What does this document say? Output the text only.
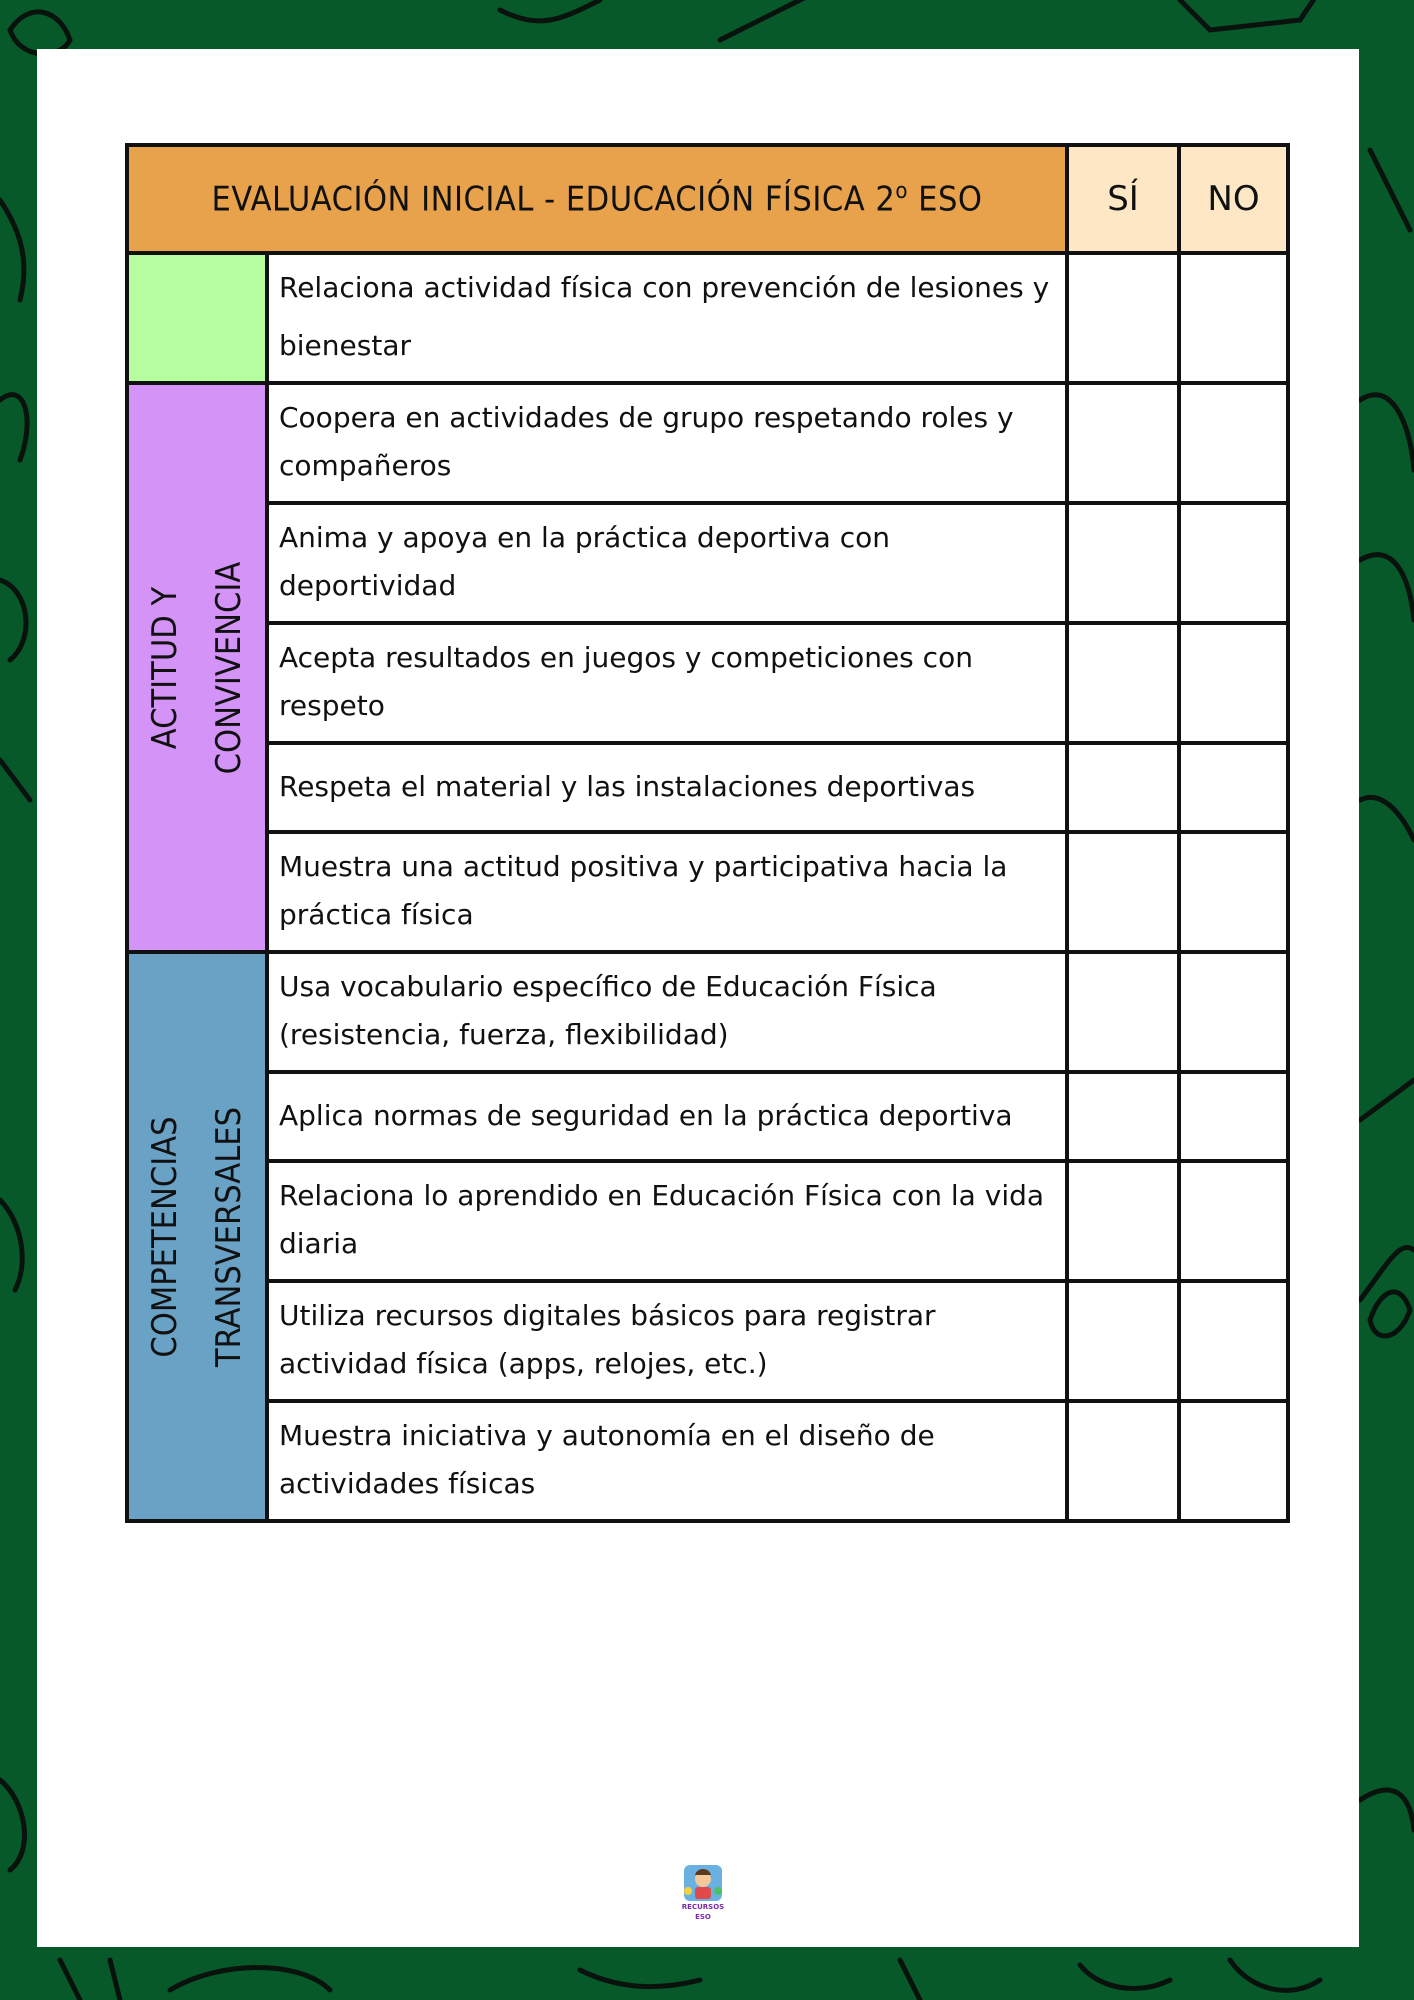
EVALUACIÓN INICIAL - EDUCACIÓN FÍSICA 2$^o$ ESO		SÍ	NO
	Relaciona actividad física con prevención de lesiones y bienestar		

ACTITUD Y CONVIVENCIA	Coopera en actividades de grupo respetando roles y compañeros		
	Anima y apoya en la práctica deportiva con deportividad		
	Acepta resultados en juegos y competiciones con respeto		
	Respeta el material y las instalaciones deportivas		
	Muestra una actitud positiva y participativa hacia la práctica física		

COMPETENCIAS TRANSVERSALES	Usa vocabulario específico de Educación Física (resistencia, fuerza, flexibilidad)		
	Aplica normas de seguridad en la práctica deportiva		
	Relaciona lo aprendido en Educación Física con la vida diaria		
	Utiliza recursos digitales básicos para registrar actividad física (apps, relojes, etc.)		
	Muestra iniciativa y autonomía en el diseño de actividades físicas		
RECURSOS
ESO
